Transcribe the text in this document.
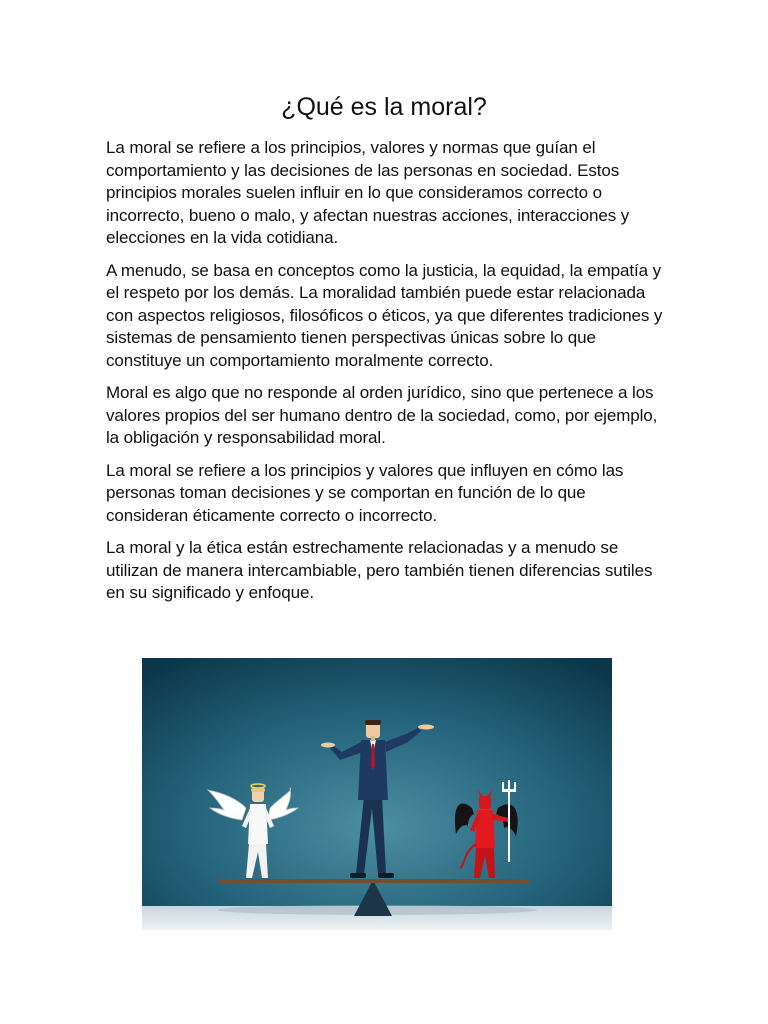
¿Qué es la moral?

La moral se refiere a los principios, valores y normas que guían el comportamiento y las decisiones de las personas en sociedad. Estos principios morales suelen influir en lo que consideramos correcto o incorrecto, bueno o malo, y afectan nuestras acciones, interacciones y elecciones en la vida cotidiana.

A menudo, se basa en conceptos como la justicia, la equidad, la empatía y el respeto por los demás. La moralidad también puede estar relacionada con aspectos religiosos, filosóficos o éticos, ya que diferentes tradiciones y sistemas de pensamiento tienen perspectivas únicas sobre lo que constituye un comportamiento moralmente correcto.

Moral es algo que no responde al orden jurídico, sino que pertenece a los valores propios del ser humano dentro de la sociedad, como, por ejemplo, la obligación y responsabilidad moral.

La moral se refiere a los principios y valores que influyen en cómo las personas toman decisiones y se comportan en función de lo que consideran éticamente correcto o incorrecto.

La moral y la ética están estrechamente relacionadas y a menudo se utilizan de manera intercambiable, pero también tienen diferencias sutiles en su significado y enfoque.
